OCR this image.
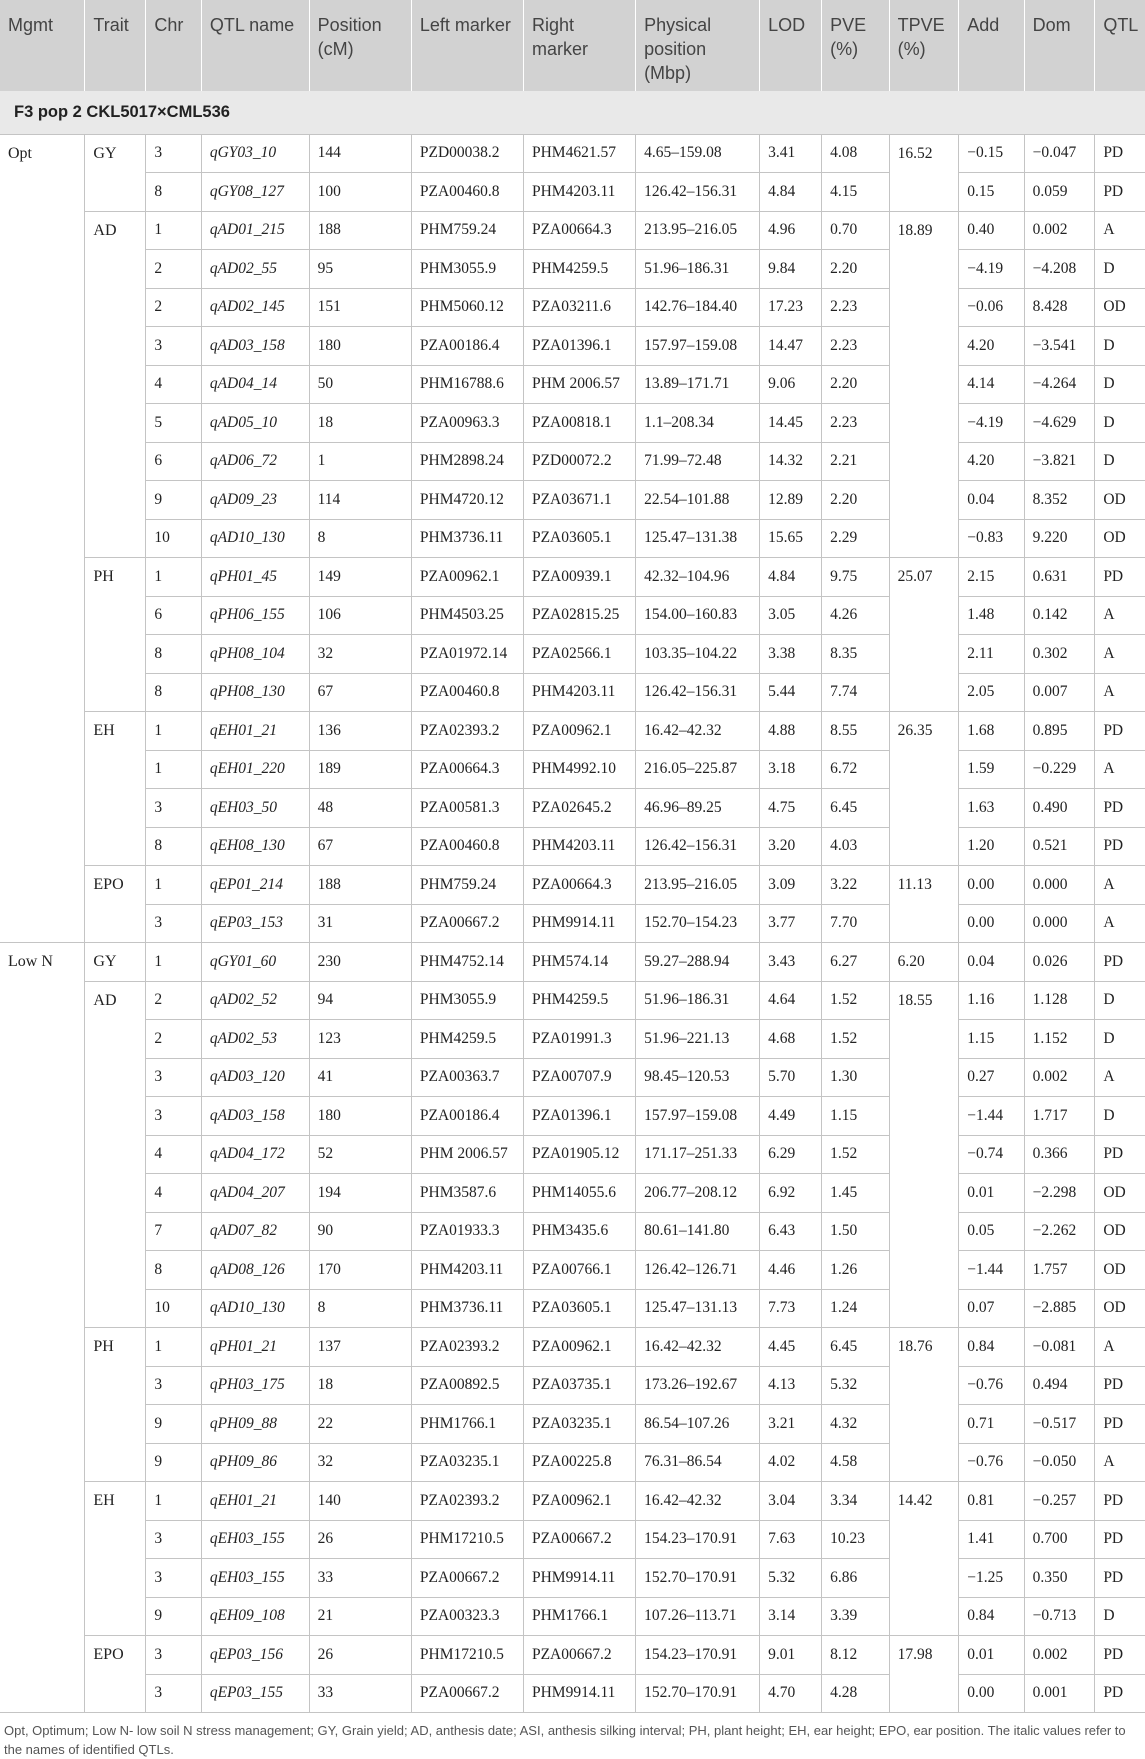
Mgmt	Trait	Chr	QTL name	Position (cM)	Left marker	Right marker	Physical position (Mbp)	LOD	PVE (%)	TPVE (%)	Add	Dom	QTL
F3 pop 2 CKL5017×CML536													
Opt	GY	3	qGY03_10	144	PZD00038.2	PHM4621.57	4.65–159.08	3.41	4.08	16.52	−0.15	−0.047	PD
		8	qGY08_127	100	PZA00460.8	PHM4203.11	126.42–156.31	4.84	4.15		0.15	0.059	PD
	AD	1	qAD01_215	188	PHM759.24	PZA00664.3	213.95–216.05	4.96	0.70	18.89	0.40	0.002	A
		2	qAD02_55	95	PHM3055.9	PHM4259.5	51.96–186.31	9.84	2.20		−4.19	−4.208	D
		2	qAD02_145	151	PHM5060.12	PZA03211.6	142.76–184.40	17.23	2.23		−0.06	8.428	OD
		3	qAD03_158	180	PZA00186.4	PZA01396.1	157.97–159.08	14.47	2.23		4.20	−3.541	D
		4	qAD04_14	50	PHM16788.6	PHM 2006.57	13.89–171.71	9.06	2.20		4.14	−4.264	D
		5	qAD05_10	18	PZA00963.3	PZA00818.1	1.1–208.34	14.45	2.23		−4.19	−4.629	D
		6	qAD06_72	1	PHM2898.24	PZD00072.2	71.99–72.48	14.32	2.21		4.20	−3.821	D
		9	qAD09_23	114	PHM4720.12	PZA03671.1	22.54–101.88	12.89	2.20		0.04	8.352	OD
		10	qAD10_130	8	PHM3736.11	PZA03605.1	125.47–131.38	15.65	2.29		−0.83	9.220	OD
	PH	1	qPH01_45	149	PZA00962.1	PZA00939.1	42.32–104.96	4.84	9.75	25.07	2.15	0.631	PD
		6	qPH06_155	106	PHM4503.25	PZA02815.25	154.00–160.83	3.05	4.26		1.48	0.142	A
		8	qPH08_104	32	PZA01972.14	PZA02566.1	103.35–104.22	3.38	8.35		2.11	0.302	A
		8	qPH08_130	67	PZA00460.8	PHM4203.11	126.42–156.31	5.44	7.74		2.05	0.007	A
	EH	1	qEH01_21	136	PZA02393.2	PZA00962.1	16.42–42.32	4.88	8.55	26.35	1.68	0.895	PD
		1	qEH01_220	189	PZA00664.3	PHM4992.10	216.05–225.87	3.18	6.72		1.59	−0.229	A
		3	qEH03_50	48	PZA00581.3	PZA02645.2	46.96–89.25	4.75	6.45		1.63	0.490	PD
		8	qEH08_130	67	PZA00460.8	PHM4203.11	126.42–156.31	3.20	4.03		1.20	0.521	PD
	EPO	1	qEP01_214	188	PHM759.24	PZA00664.3	213.95–216.05	3.09	3.22	11.13	0.00	0.000	A
		3	qEP03_153	31	PZA00667.2	PHM9914.11	152.70–154.23	3.77	7.70		0.00	0.000	A
Low N	GY	1	qGY01_60	230	PHM4752.14	PHM574.14	59.27–288.94	3.43	6.27	6.20	0.04	0.026	PD
	AD	2	qAD02_52	94	PHM3055.9	PHM4259.5	51.96–186.31	4.64	1.52	18.55	1.16	1.128	D
		2	qAD02_53	123	PHM4259.5	PZA01991.3	51.96–221.13	4.68	1.52		1.15	1.152	D
		3	qAD03_120	41	PZA00363.7	PZA00707.9	98.45–120.53	5.70	1.30		0.27	0.002	A
		3	qAD03_158	180	PZA00186.4	PZA01396.1	157.97–159.08	4.49	1.15		−1.44	1.717	D
		4	qAD04_172	52	PHM 2006.57	PZA01905.12	171.17–251.33	6.29	1.52		−0.74	0.366	PD
		4	qAD04_207	194	PHM3587.6	PHM14055.6	206.77–208.12	6.92	1.45		0.01	−2.298	OD
		7	qAD07_82	90	PZA01933.3	PHM3435.6	80.61–141.80	6.43	1.50		0.05	−2.262	OD
		8	qAD08_126	170	PHM4203.11	PZA00766.1	126.42–126.71	4.46	1.26		−1.44	1.757	OD
		10	qAD10_130	8	PHM3736.11	PZA03605.1	125.47–131.13	7.73	1.24		0.07	−2.885	OD
	PH	1	qPH01_21	137	PZA02393.2	PZA00962.1	16.42–42.32	4.45	6.45	18.76	0.84	−0.081	A
		3	qPH03_175	18	PZA00892.5	PZA03735.1	173.26–192.67	4.13	5.32		−0.76	0.494	PD
		9	qPH09_88	22	PHM1766.1	PZA03235.1	86.54–107.26	3.21	4.32		0.71	−0.517	PD
		9	qPH09_86	32	PZA03235.1	PZA00225.8	76.31–86.54	4.02	4.58		−0.76	−0.050	A
	EH	1	qEH01_21	140	PZA02393.2	PZA00962.1	16.42–42.32	3.04	3.34	14.42	0.81	−0.257	PD
		3	qEH03_155	26	PHM17210.5	PZA00667.2	154.23–170.91	7.63	10.23		1.41	0.700	PD
		3	qEH03_155	33	PZA00667.2	PHM9914.11	152.70–170.91	5.32	6.86		−1.25	0.350	PD
		9	qEH09_108	21	PZA00323.3	PHM1766.1	107.26–113.71	3.14	3.39		0.84	−0.713	D
	EPO	3	qEP03_156	26	PHM17210.5	PZA00667.2	154.23–170.91	9.01	8.12	17.98	0.01	0.002	PD
		3	qEP03_155	33	PZA00667.2	PHM9914.11	152.70–170.91	4.70	4.28		0.00	0.001	PD
Opt, Optimum; Low N- low soil N stress management; GY, Grain yield; AD, anthesis date; ASI, anthesis silking interval; PH, plant height; EH, ear height; EPO, ear position. The italic values refer to the names of identified QTLs.
